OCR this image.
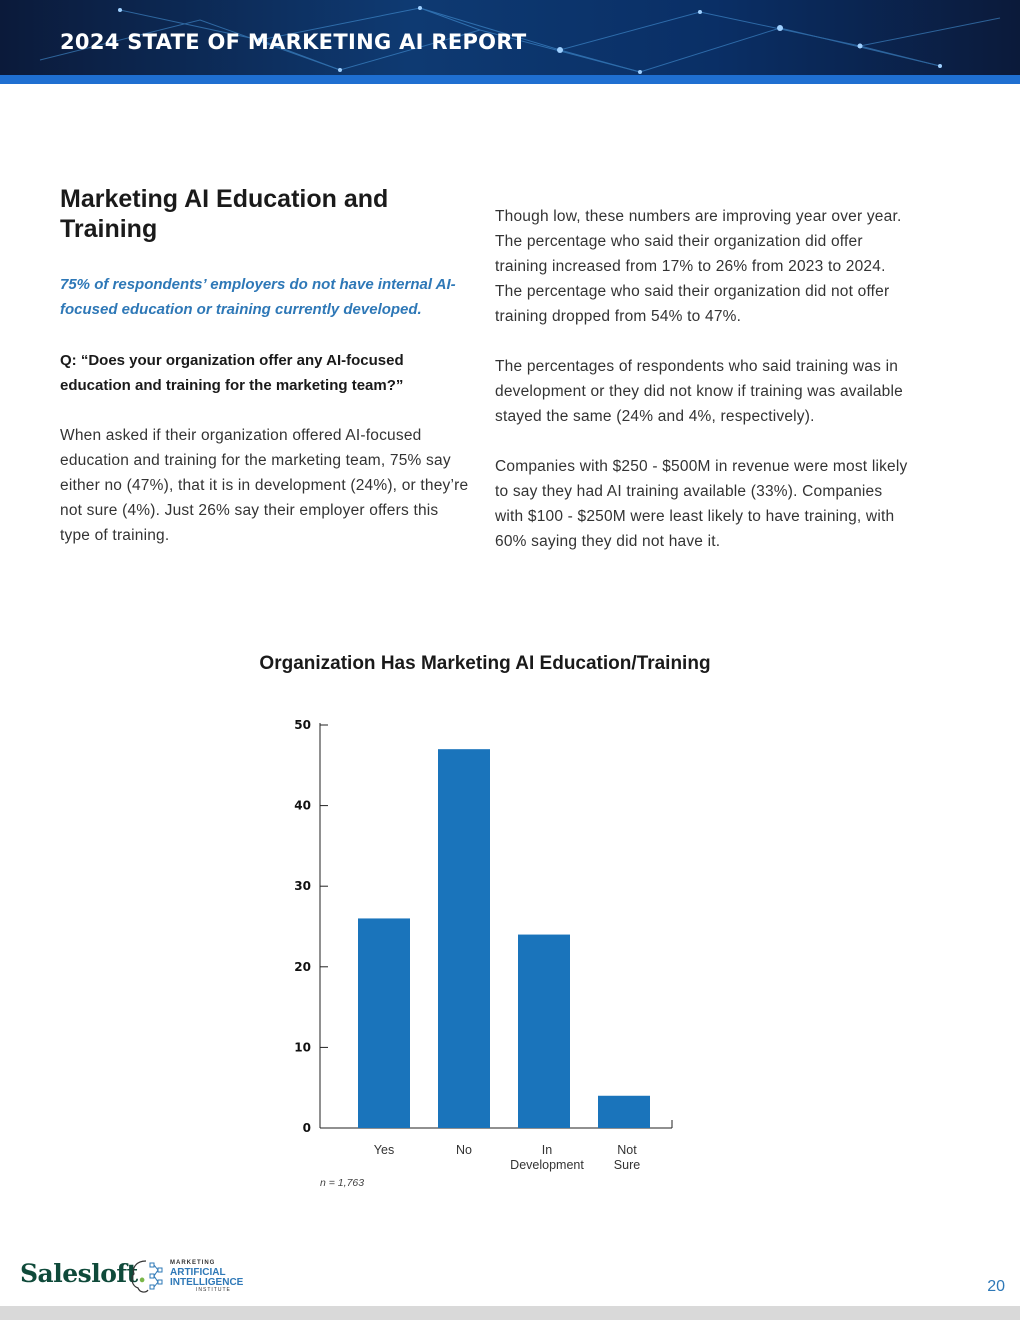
2024 STATE OF MARKETING AI REPORT
Marketing AI Education and Training
75% of respondents’ employers do not have internal AI-focused education or training currently developed.
Q: “Does your organization offer any AI-focused education and training for the marketing team?”
When asked if their organization offered AI-focused education and training for the marketing team, 75% say either no (47%), that it is in development (24%), or they’re not sure (4%). Just 26% say their employer offers this type of training.
Though low, these numbers are improving year over year. The percentage who said their organization did offer training increased from 17% to 26% from 2023 to 2024. The percentage who said their organization did not offer training dropped from 54% to 47%.
The percentages of respondents who said training was in development or they did not know if training was available stayed the same (24% and 4%, respectively).
Companies with $250 - $500M in revenue were most likely to say they had AI training available (33%). Companies with $100 - $250M were least likely to have training, with 60% saying they did not have it.
Organization Has Marketing AI Education/Training
0
10
20
30
40
50
Yes	No	In
Development
Not
Sure
n = 1,763
Salesloft.	MARKETING
ARTIFICIAL
INTELLIGENCE
INSTITUTE	20
